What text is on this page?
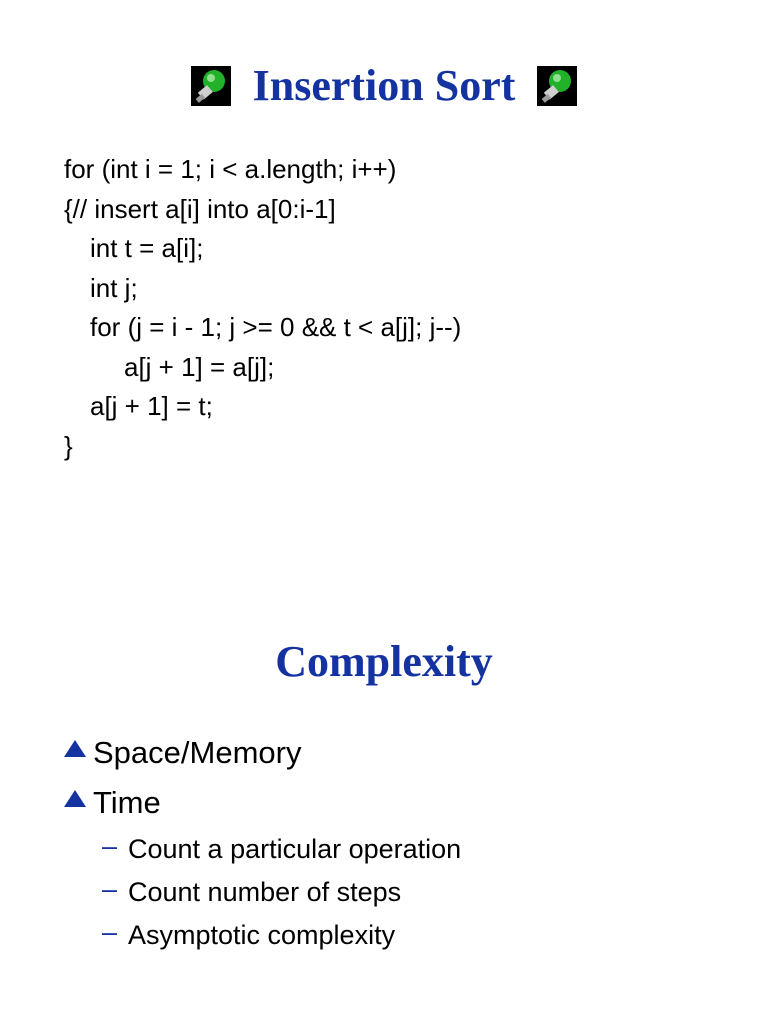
Insertion Sort
for (int i = 1; i < a.length; i++)
{// insert a[i] into a[0:i-1]
int t = a[i];
int j;
for (j = i - 1; j >= 0 && t < a[j]; j--)
a[j + 1] = a[j];
a[j + 1] = t;
}
Complexity
Space/Memory
Time
– Count a particular operation
– Count number of steps
– Asymptotic complexity
